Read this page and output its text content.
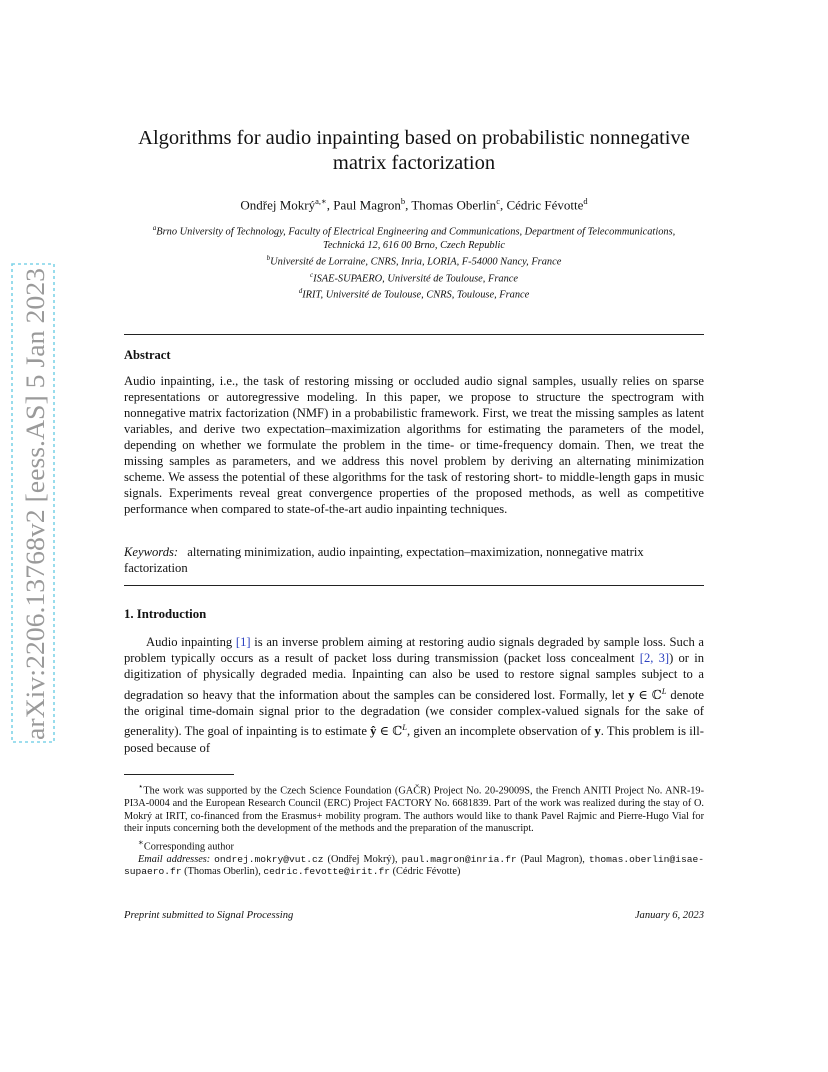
arXiv:2206.13768v2 [eess.AS] 5 Jan 2023
Algorithms for audio inpainting based on probabilistic nonnegative
matrix factorization
Ondřej Mokrý$^{a,∗}$, Paul Magron$^b$, Thomas Oberlin$^c$, Cédric Févotte$^d$
$^a$Brno University of Technology, Faculty of Electrical Engineering and Communications, Department of Telecommunications, Technická 12, 616 00 Brno, Czech Republic
$^b$Université de Lorraine, CNRS, Inria, LORIA, F-54000 Nancy, France
$^c$ISAE-SUPAERO, Université de Toulouse, France
$^d$IRIT, Université de Toulouse, CNRS, Toulouse, France
Abstract
Audio inpainting, i.e., the task of restoring missing or occluded audio signal samples, usually relies on sparse representations or autoregressive modeling. In this paper, we propose to structure the spectrogram with nonnegative matrix factorization (NMF) in a probabilistic framework. First, we treat the missing samples as latent variables, and derive two expectation–maximization algorithms for estimating the parameters of the model, depending on whether we formulate the problem in the time- or time-frequency domain. Then, we treat the missing samples as parameters, and we address this novel problem by deriving an alternating minimization scheme. We assess the potential of these algorithms for the task of restoring short- to middle-length gaps in music signals. Experiments reveal great convergence properties of the proposed methods, as well as competitive performance when compared to state-of-the-art audio inpainting techniques.
Keywords: alternating minimization, audio inpainting, expectation–maximization, nonnegative matrix factorization
1. Introduction
Audio inpainting [1] is an inverse problem aiming at restoring audio signals degraded by sample loss. Such a problem typically occurs as a result of packet loss during transmission (packet loss concealment [2, 3]) or in digitization of physically degraded media. Inpainting can also be used to restore signal samples subject to a degradation so heavy that the information about the samples can be considered lost. Formally, let y ∈ ℂ$^L$ denote the original time-domain signal prior to the degradation (we consider complex-valued signals for the sake of generality). The goal of inpainting is to estimate ŷ ∈ ℂ$^L$, given an incomplete observation of y. This problem is ill-posed because of

⋆The work was supported by the Czech Science Foundation (GAČR) Project No. 20-29009S, the French ANITI Project No. ANR-19-PI3A-0004 and the European Research Council (ERC) Project FACTORY No. 6681839. Part of the work was realized during the stay of O. Mokrý at IRIT, co-financed from the Erasmus+ mobility program. The authors would like to thank Pavel Rajmic and Pierre-Hugo Vial for their inputs concerning both the development of the methods and the preparation of the manuscript.

∗Corresponding author

Email addresses: ondrej.mokry@vut.cz (Ondřej Mokrý), paul.magron@inria.fr (Paul Magron), thomas.oberlin@isae-supaero.fr (Thomas Oberlin), cedric.fevotte@irit.fr (Cédric Févotte)

Preprint submitted to Signal Processing	January 6, 2023
